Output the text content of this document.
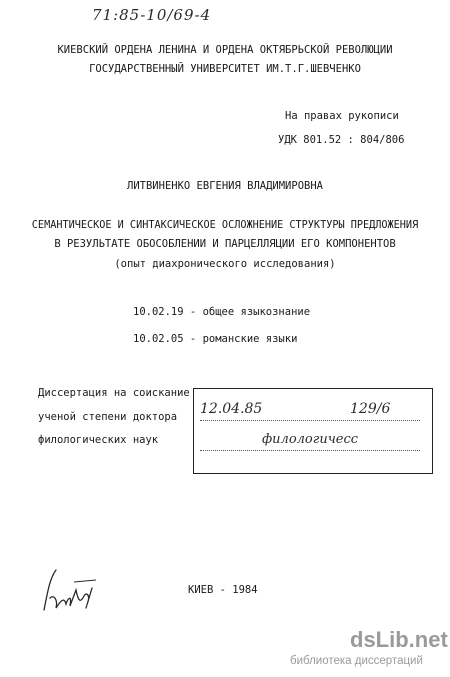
71:85-10/69-4
КИЕВСКИЙ ОРДЕНА ЛЕНИНА И ОРДЕНА ОКТЯБРЬСКОЙ РЕВОЛЮЦИИ
ГОСУДАРСТВЕННЫЙ УНИВЕРСИТЕТ ИМ.Т.Г.ШЕВЧЕНКО
На правах рукописи
УДК 801.52 : 804/806
ЛИТВИНЕНКО ЕВГЕНИЯ ВЛАДИМИРОВНА
СЕМАНТИЧЕСКОЕ И СИНТАКСИЧЕСКОЕ ОСЛОЖНЕНИЕ СТРУКТУРЫ ПРЕДЛОЖЕНИЯ
В РЕЗУЛЬТАТЕ ОБОСОБЛЕНИИ И ПАРЦЕЛЛЯЦИИ ЕГО КОМПОНЕНТОВ
(опыт диахронического исследования)
10.02.19 - общее языкознание
10.02.05 - романские языки
Диссертация на соискание
ученой степени доктора
филологических наук
12.04.85	129/6
филологичесс
КИЕВ - 1984
dsLib.net
библиотека диссертаций
